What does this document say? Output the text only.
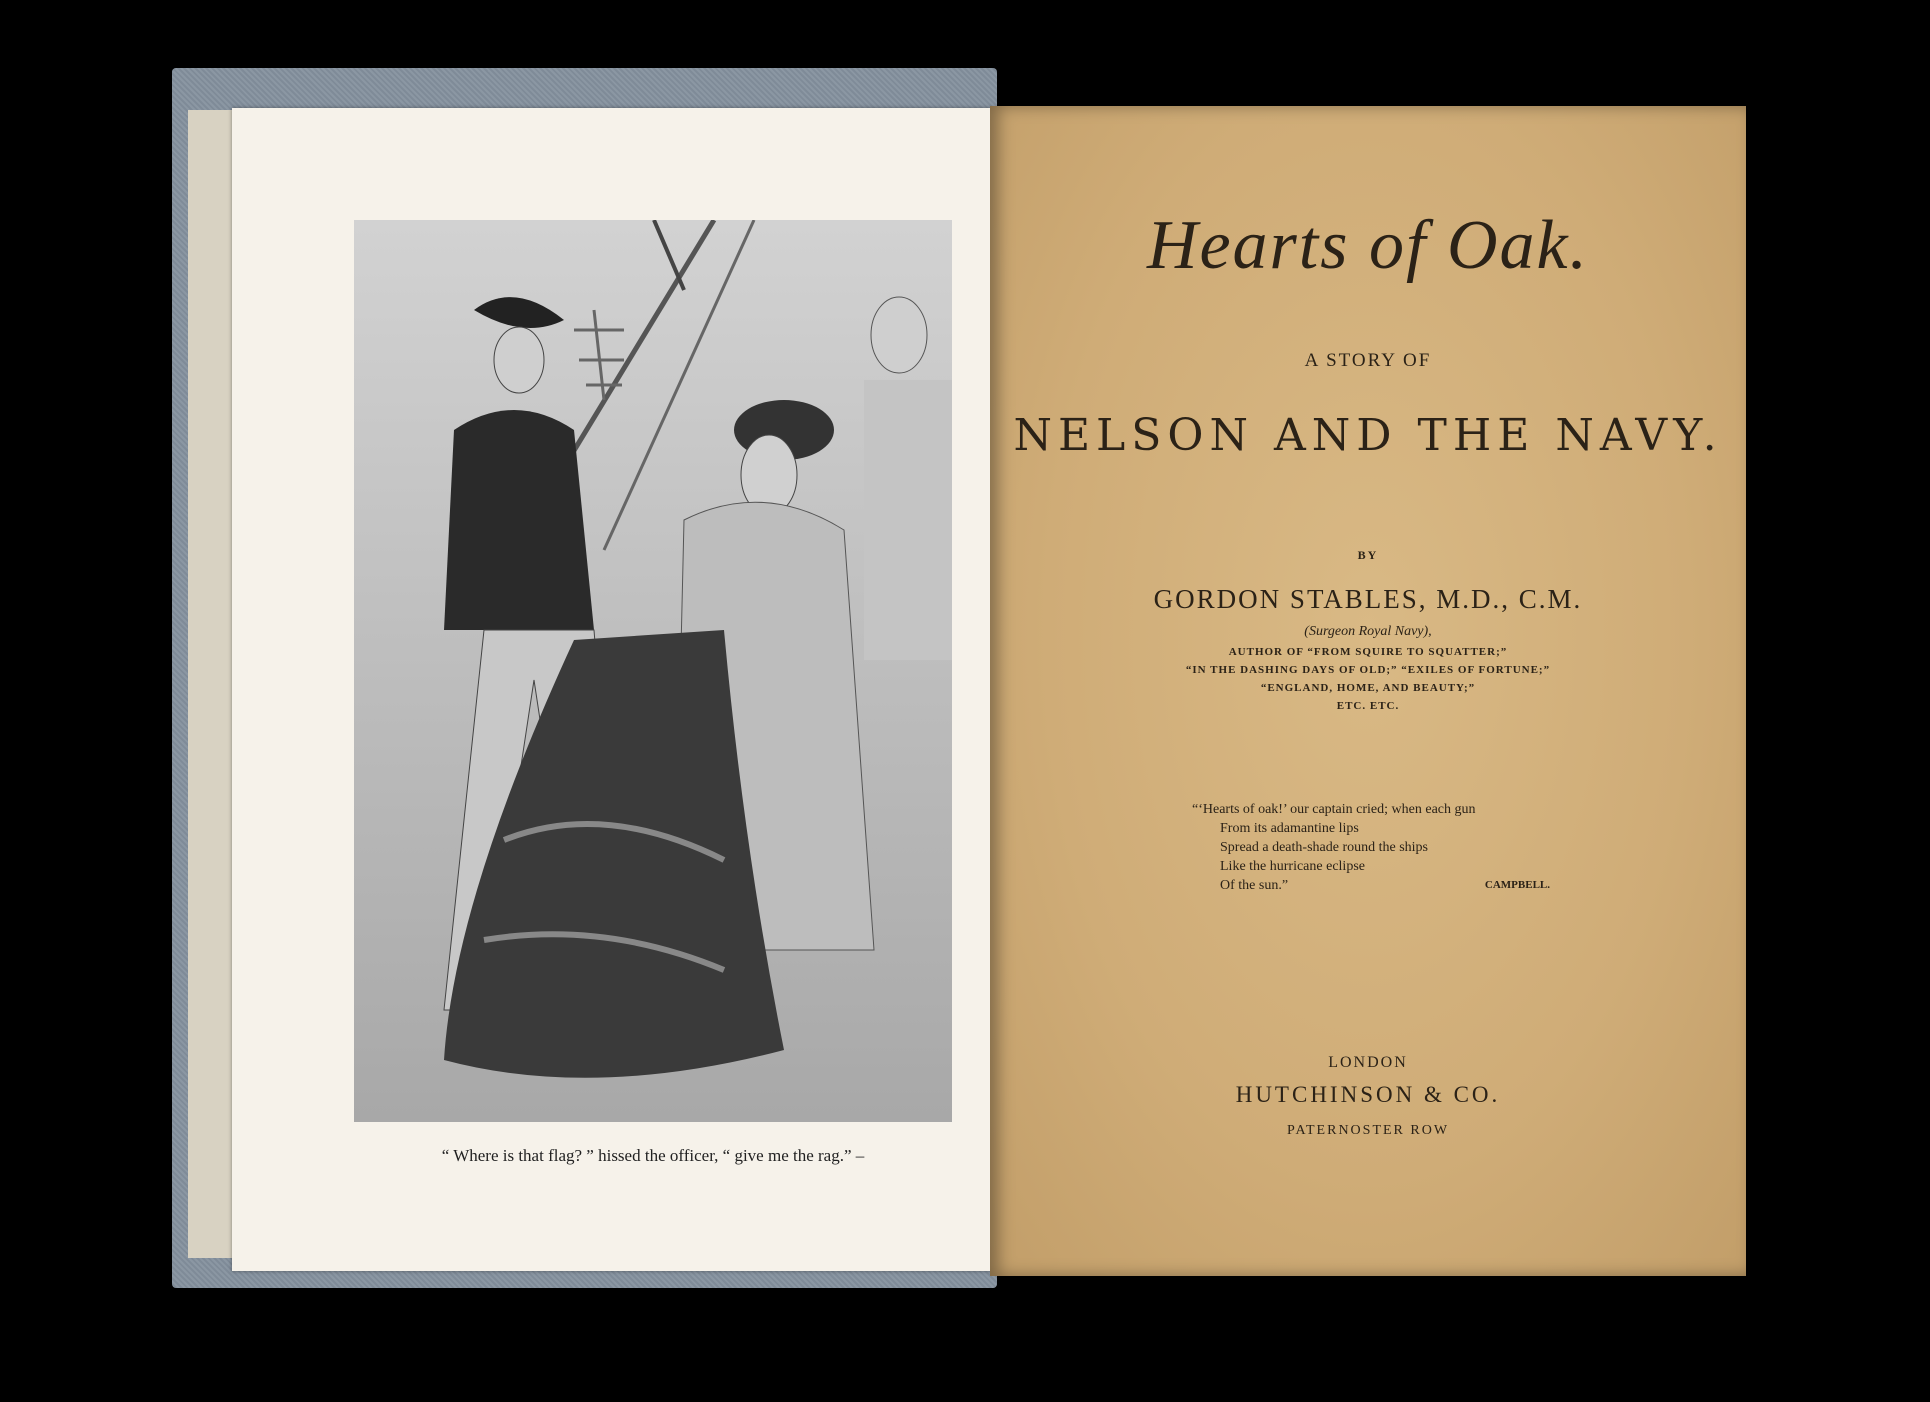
“ Where is that flag? ” hissed the officer, “ give me the rag.” –
Hearts of Oak.
A STORY OF
NELSON AND THE NAVY.
BY
GORDON STABLES, M.D., C.M.
(Surgeon Royal Navy),
AUTHOR OF “FROM SQUIRE TO SQUATTER;”
“IN THE DASHING DAYS OF OLD;” “EXILES OF FORTUNE;”
“ENGLAND, HOME, AND BEAUTY;”
ETC. ETC.
“‘Hearts of oak!’ our captain cried; when each gun
From its adamantine lips
Spread a death-shade round the ships
Like the hurricane eclipse
Of the sun.”	CAMPBELL.
LONDON
HUTCHINSON & CO.
PATERNOSTER ROW
